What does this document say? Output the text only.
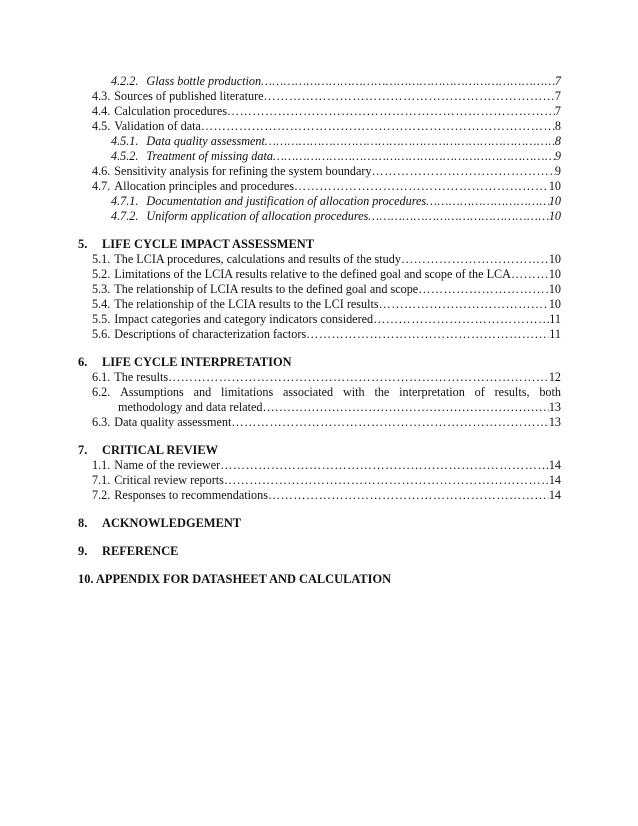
4.2.2. Glass bottle production …………………………………………………………………………………………………………………………………………………………………………………………	7
4.3. Sources of published literature …………………………………………………………………………………………………………………………………………………………………………………………	7
4.4. Calculation procedures …………………………………………………………………………………………………………………………………………………………………………………………	7
4.5. Validation of data …………………………………………………………………………………………………………………………………………………………………………………………	8
4.5.1. Data quality assessment …………………………………………………………………………………………………………………………………………………………………………………………	8
4.5.2. Treatment of missing data …………………………………………………………………………………………………………………………………………………………………………………………	9
4.6. Sensitivity analysis for refining the system boundary …………………………………………………………………………………………………………………………………………………………………………………………	9
4.7. Allocation principles and procedures …………………………………………………………………………………………………………………………………………………………………………………………	10
4.7.1. Documentation and justification of allocation procedures …………………………………………………………………………………………………………………………………………………………………………………………	10
4.7.2. Uniform application of allocation procedures …………………………………………………………………………………………………………………………………………………………………………………………	10
5. LIFE CYCLE IMPACT ASSESSMENT
5.1. The LCIA procedures, calculations and results of the study …………………………………………………………………………………………………………………………………………………………………………………………	10
5.2. Limitations of the LCIA results relative to the defined goal and scope of the LCA …………………………………………………………………………………………………………………………………………………………………………………………	10
5.3. The relationship of LCIA results to the defined goal and scope …………………………………………………………………………………………………………………………………………………………………………………………	10
5.4. The relationship of the LCIA results to the LCI results …………………………………………………………………………………………………………………………………………………………………………………………	10
5.5. Impact categories and category indicators considered …………………………………………………………………………………………………………………………………………………………………………………………	11
5.6. Descriptions of characterization factors …………………………………………………………………………………………………………………………………………………………………………………………	11
6. LIFE CYCLE INTERPRETATION
6.1. The results …………………………………………………………………………………………………………………………………………………………………………………………	12
6.2. Assumptions and limitations associated with the interpretation of results, both
methodology and data related …………………………………………………………………………………………………………………………………………………………………………………………	13
6.3. Data quality assessment …………………………………………………………………………………………………………………………………………………………………………………………	13
7. CRITICAL REVIEW
1.1. Name of the reviewer …………………………………………………………………………………………………………………………………………………………………………………………	14
7.1. Critical review reports …………………………………………………………………………………………………………………………………………………………………………………………	14
7.2. Responses to recommendations …………………………………………………………………………………………………………………………………………………………………………………………	14
8. ACKNOWLEDGEMENT
9. REFERENCE
10. APPENDIX FOR DATASHEET AND CALCULATION
